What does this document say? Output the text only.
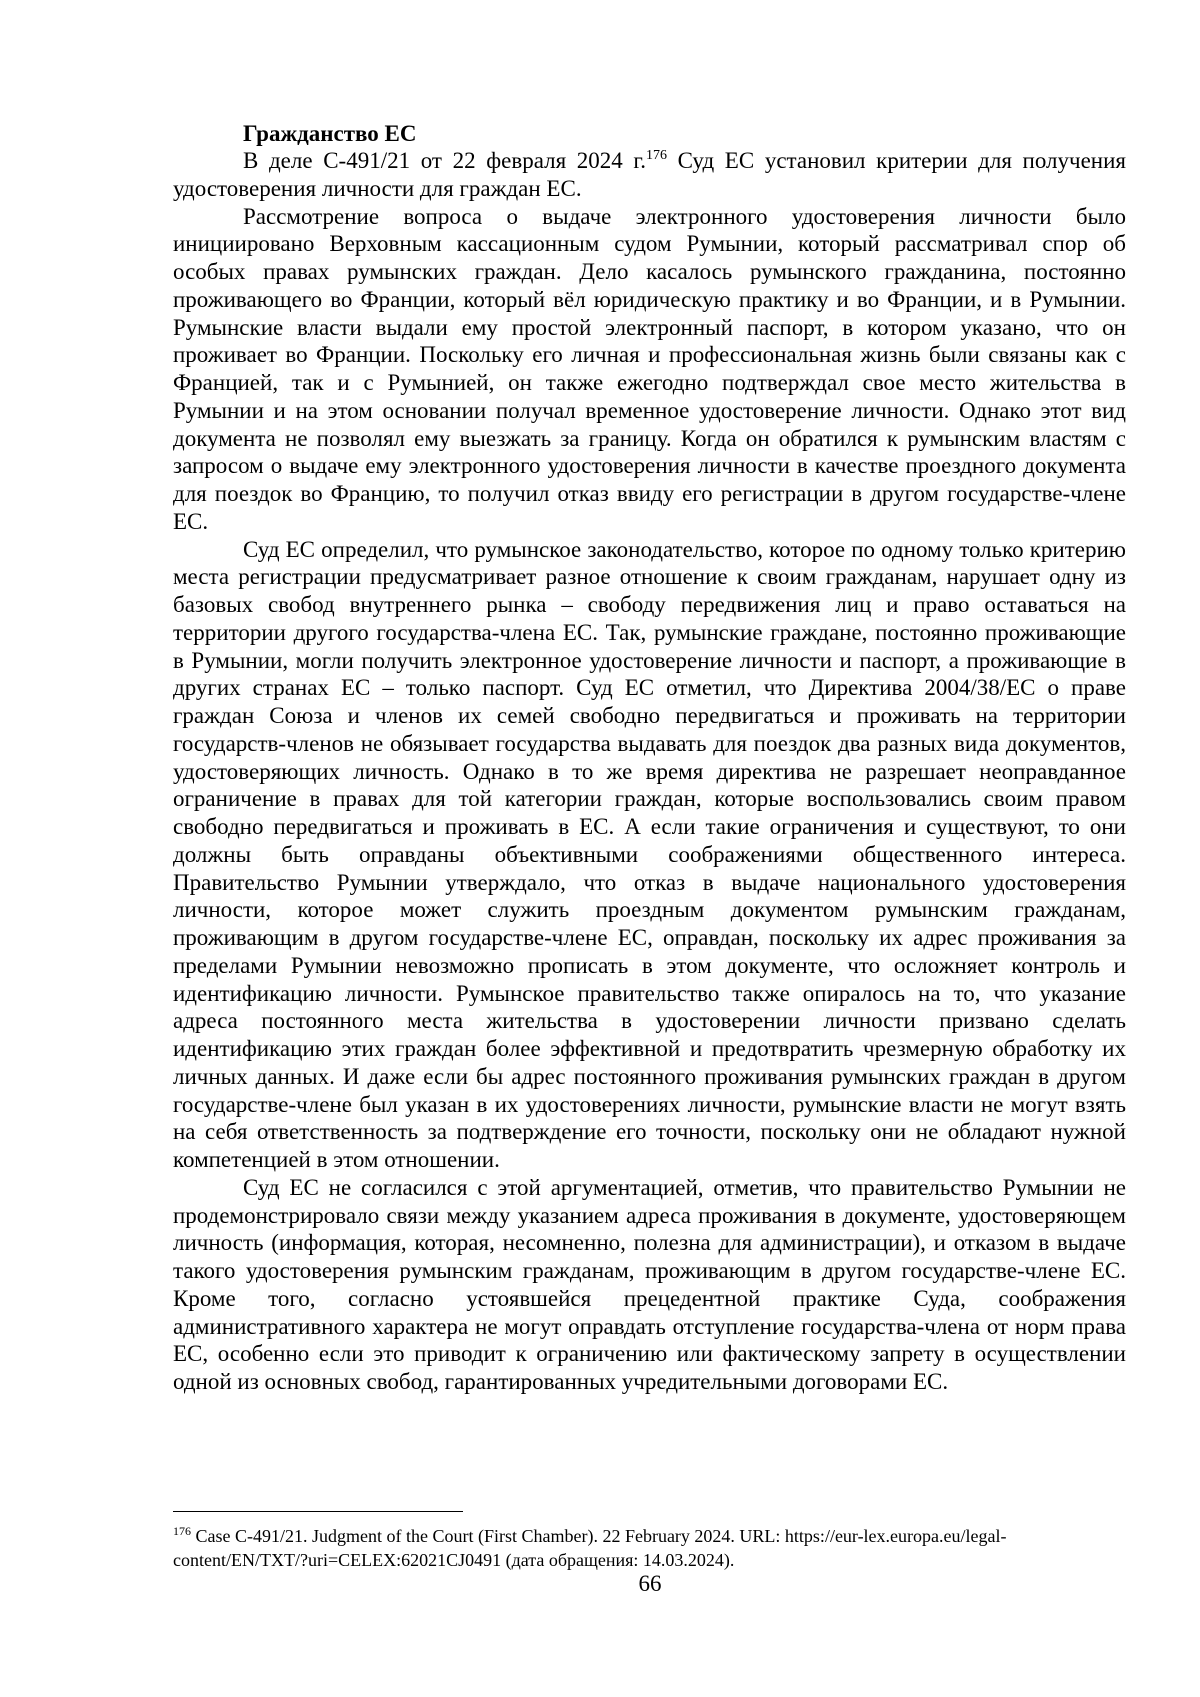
Гражданство ЕС

В деле С-491/21 от 22 февраля 2024 г.$^{176}$ Суд ЕС установил критерии для получения удостоверения личности для граждан ЕС.

Рассмотрение вопроса о выдаче электронного удостоверения личности было инициировано Верховным кассационным судом Румынии, который рассматривал спор об особых правах румынских граждан. Дело касалось румынского гражданина, постоянно проживающего во Франции, который вёл юридическую практику и во Франции, и в Румынии. Румынские власти выдали ему простой электронный паспорт, в котором указано, что он проживает во Франции. Поскольку его личная и профессиональная жизнь были связаны как с Францией, так и с Румынией, он также ежегодно подтверждал свое место жительства в Румынии и на этом основании получал временное удостоверение личности. Однако этот вид документа не позволял ему выезжать за границу. Когда он обратился к румынским властям с запросом о выдаче ему электронного удостоверения личности в качестве проездного документа для поездок во Францию, то получил отказ ввиду его регистрации в другом государстве-члене ЕС.

Суд ЕС определил, что румынское законодательство, которое по одному только критерию места регистрации предусматривает разное отношение к своим гражданам, нарушает одну из базовых свобод внутреннего рынка – свободу передвижения лиц и право оставаться на территории другого государства-члена ЕС. Так, румынские граждане, постоянно проживающие в Румынии, могли получить электронное удостоверение личности и паспорт, а проживающие в других странах ЕС – только паспорт. Суд ЕС отметил, что Директива 2004/38/ЕС о праве граждан Союза и членов их семей свободно передвигаться и проживать на территории государств-членов не обязывает государства выдавать для поездок два разных вида документов, удостоверяющих личность. Однако в то же время директива не разрешает неоправданное ограничение в правах для той категории граждан, которые воспользовались своим правом свободно передвигаться и проживать в ЕС. А если такие ограничения и существуют, то они должны быть оправданы объективными соображениями общественного интереса. Правительство Румынии утверждало, что отказ в выдаче национального удостоверения личности, которое может служить проездным документом румынским гражданам, проживающим в другом государстве-члене ЕС, оправдан, поскольку их адрес проживания за пределами Румынии невозможно прописать в этом документе, что осложняет контроль и идентификацию личности. Румынское правительство также опиралось на то, что указание адреса постоянного места жительства в удостоверении личности призвано сделать идентификацию этих граждан более эффективной и предотвратить чрезмерную обработку их личных данных. И даже если бы адрес постоянного проживания румынских граждан в другом государстве-члене был указан в их удостоверениях личности, румынские власти не могут взять на себя ответственность за подтверждение его точности, поскольку они не обладают нужной компетенцией в этом отношении.

Суд ЕС не согласился с этой аргументацией, отметив, что правительство Румынии не продемонстрировало связи между указанием адреса проживания в документе, удостоверяющем личность (информация, которая, несомненно, полезна для администрации), и отказом в выдаче такого удостоверения румынским гражданам, проживающим в другом государстве-члене ЕС. Кроме того, согласно устоявшейся прецедентной практике Суда, соображения административного характера не могут оправдать отступление государства-члена от норм права ЕС, особенно если это приводит к ограничению или фактическому запрету в осуществлении одной из основных свобод, гарантированных учредительными договорами ЕС.

$^{176}$ Case C-491/21. Judgment of the Court (First Chamber). 22 February 2024. URL: https://eur-lex.europa.eu/legal-content/EN/TXT/?uri=CELEX:62021CJ0491 (дата обращения: 14.03.2024).

66
